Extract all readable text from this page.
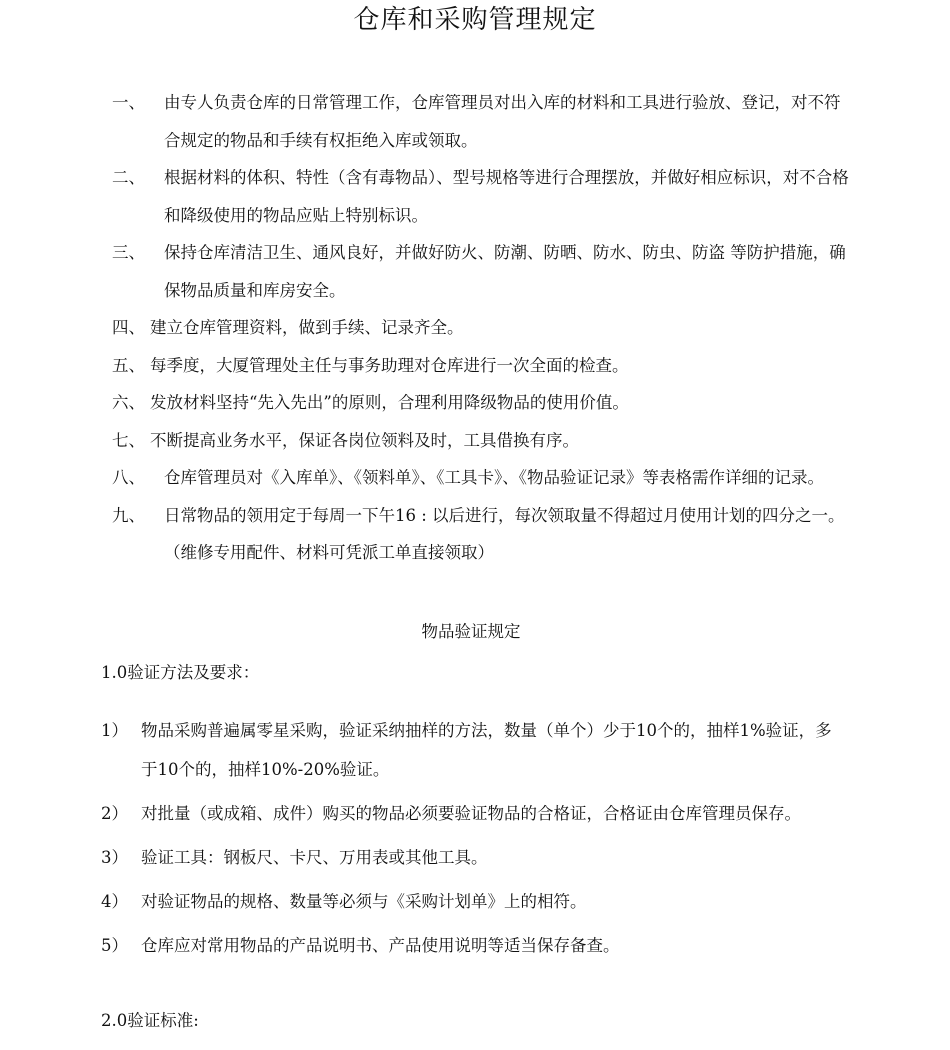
仓库和采购管理规定
一、 由专人负责仓库的日常管理工作，仓库管理员对出入库的材料和工具进行验放、登记，对不符合规定的物品和手续有权拒绝入库或领取。
二、 根据材料的体积、特性（含有毒物品）、型号规格等进行合理摆放，并做好相应标识，对不合格和降级使用的物品应贴上特别标识。
三、 保持仓库清洁卫生、通风良好，并做好防火、防潮、防晒、防水、防虫、防盗 等防护措施，确保物品质量和库房安全。
四、 建立仓库管理资料，做到手续、记录齐全。
五、 每季度，大厦管理处主任与事务助理对仓库进行一次全面的检查。
六、 发放材料坚持“先入先出”的原则，合理利用降级物品的使用价值。
七、 不断提高业务水平，保证各岗位领料及时，工具借换有序。
八、 仓库管理员对《入库单》、《领料单》、《工具卡》、《物品验证记录》等表格需作详细的记录。
九、 日常物品的领用定于每周一下午16 : 以后进行，每次领取量不得超过月使用计划的四分之一。（维修专用配件、材料可凭派工单直接领取）
物品验证规定
1.0验证方法及要求：
1） 物品采购普遍属零星采购，验证采纳抽样的方法，数量（单个）少于10个的，抽样1%验证，多于10个的，抽样10%-20%验证。
2） 对批量（或成箱、成件）购买的物品必须要验证物品的合格证，合格证由仓库管理员保存。
3） 验证工具：钢板尺、卡尺、万用表或其他工具。
4） 对验证物品的规格、数量等必须与《采购计划单》上的相符。
5） 仓库应对常用物品的产品说明书、产品使用说明等适当保存备查。
2.0验证标准:
